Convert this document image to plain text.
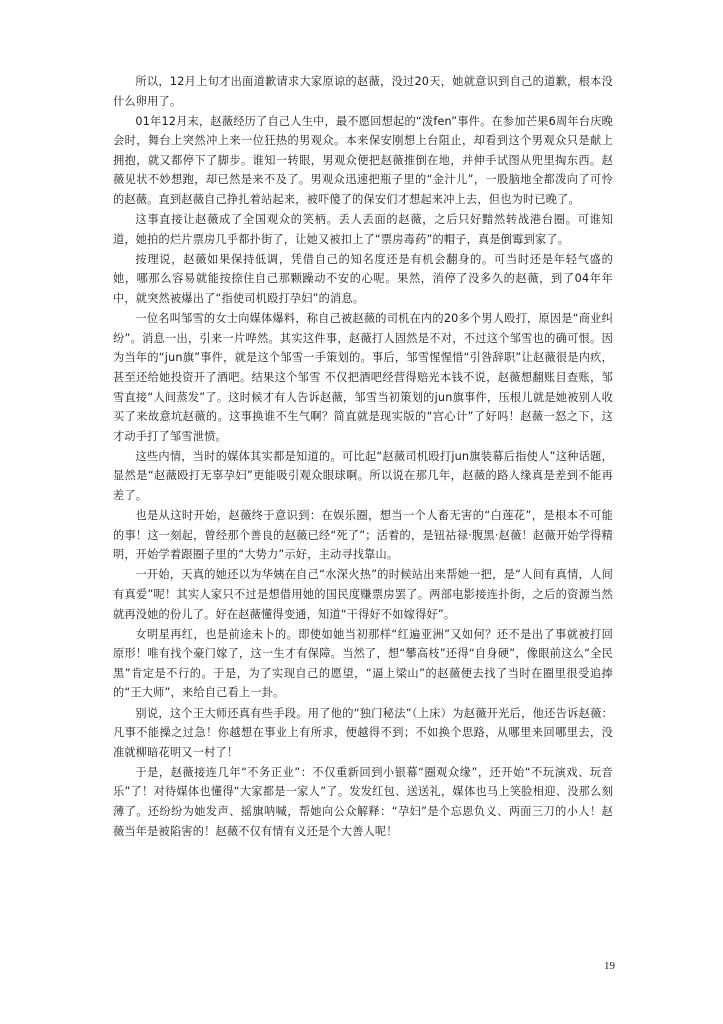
所以，12月上旬才出面道歉请求大家原谅的赵薇，没过20天，她就意识到自己的道歉，根本没什么卵用了。

01年12月末，赵薇经历了自己人生中，最不愿回想起的“泼fen”事件。在参加芒果6周年台庆晚会时，舞台上突然冲上来一位狂热的男观众。本来保安刚想上台阻止，却看到这个男观众只是献上拥抱，就又都停下了脚步。谁知一转眼，男观众便把赵薇推倒在地，并伸手试图从兜里掏东西。赵薇见状不妙想跑，却已然是来不及了。男观众迅速把瓶子里的“金汁儿”，一股脑地全都泼向了可怜的赵薇。直到赵薇自己挣扎着站起来，被吓傻了的保安们才想起来冲上去，但也为时已晚了。

这事直接让赵薇成了全国观众的笑柄。丢人丢面的赵薇，之后只好黯然转战港台圈。可谁知道，她拍的烂片票房几乎都扑街了，让她又被扣上了“票房毒药”的帽子，真是倒霉到家了。

按理说，赵薇如果保持低调，凭借自己的知名度还是有机会翻身的。可当时还是年轻气盛的她，哪那么容易就能按捺住自己那颗躁动不安的心呢。果然，消停了没多久的赵薇，到了04年年中，就突然被爆出了“指使司机殴打孕妇”的消息。

一位名叫邹雪的女士向媒体爆料，称自己被赵薇的司机在内的20多个男人殴打，原因是“商业纠纷”。消息一出，引来一片哗然。其实这件事，赵薇打人固然是不对，不过这个邹雪也的确可恨。因为当年的“jun旗”事件，就是这个邹雪一手策划的。事后，邹雪惺惺惜“引咎辞职”让赵薇很是内疚，甚至还给她投资开了酒吧。结果这个邹雪 不仅把酒吧经营得赔光本钱不说，赵薇想翻账目查账，邹雪直接“人间蒸发”了。这时候才有人告诉赵薇，邹雪当初策划的jun旗事件，压根儿就是她被别人收买了来故意坑赵薇的。这事换谁不生气啊？简直就是现实版的“宫心计”了好吗！赵薇一怒之下，这才动手打了邹雪泄愤。

这些内情，当时的媒体其实都是知道的。可比起“赵薇司机殴打jun旗装幕后指使人”这种话题，显然是“赵薇殴打无辜孕妇”更能吸引观众眼球啊。所以说在那几年，赵薇的路人缘真是差到不能再差了。

也是从这时开始，赵薇终于意识到：在娱乐圈，想当一个人畜无害的“白莲花”，是根本不可能的事！这一刻起，曾经那个善良的赵薇已经“死了”；活着的，是钮祜禄·腹黑·赵薇！赵薇开始学得精明，开始学着跟圈子里的“大势力”示好，主动寻找靠山。

一开始，天真的她还以为华姨在自己“水深火热”的时候站出来帮她一把，是“人间有真情，人间有真爱”呢！其实人家只不过是想借用她的国民度赚票房罢了。两部电影接连扑街，之后的资源当然就再没她的份儿了。好在赵薇懂得变通，知道“干得好不如嫁得好”。

女明星再红，也是前途未卜的。即使如她当初那样“红遍亚洲”又如何？还不是出了事就被打回原形！唯有找个豪门嫁了，这一生才有保障。当然了，想“攀高枝”还得“自身硬”，像眼前这么“全民黑”肯定是不行的。于是，为了实现自己的愿望，“逼上梁山”的赵薇便去找了当时在圈里很受追捧的“王大师”，来给自己看上一卦。

别说，这个王大师还真有些手段。用了他的“独门秘法”（上床）为赵薇开光后，他还告诉赵薇：凡事不能操之过急！你越想在事业上有所求，便越得不到；不如换个思路，从哪里来回哪里去，没准就柳暗花明又一村了！

于是，赵薇接连几年“不务正业”：不仅重新回到小银幕“圈观众缘”，还开始“不玩演戏、玩音乐”了！对待媒体也懂得“大家都是一家人”了。发发红包、送送礼，媒体也马上笑脸相迎、没那么刻薄了。还纷纷为她发声、摇旗呐喊，帮她向公众解释：“孕妇”是个忘恩负义、两面三刀的小人！赵薇当年是被陷害的！赵薇不仅有情有义还是个大善人呢！

19
